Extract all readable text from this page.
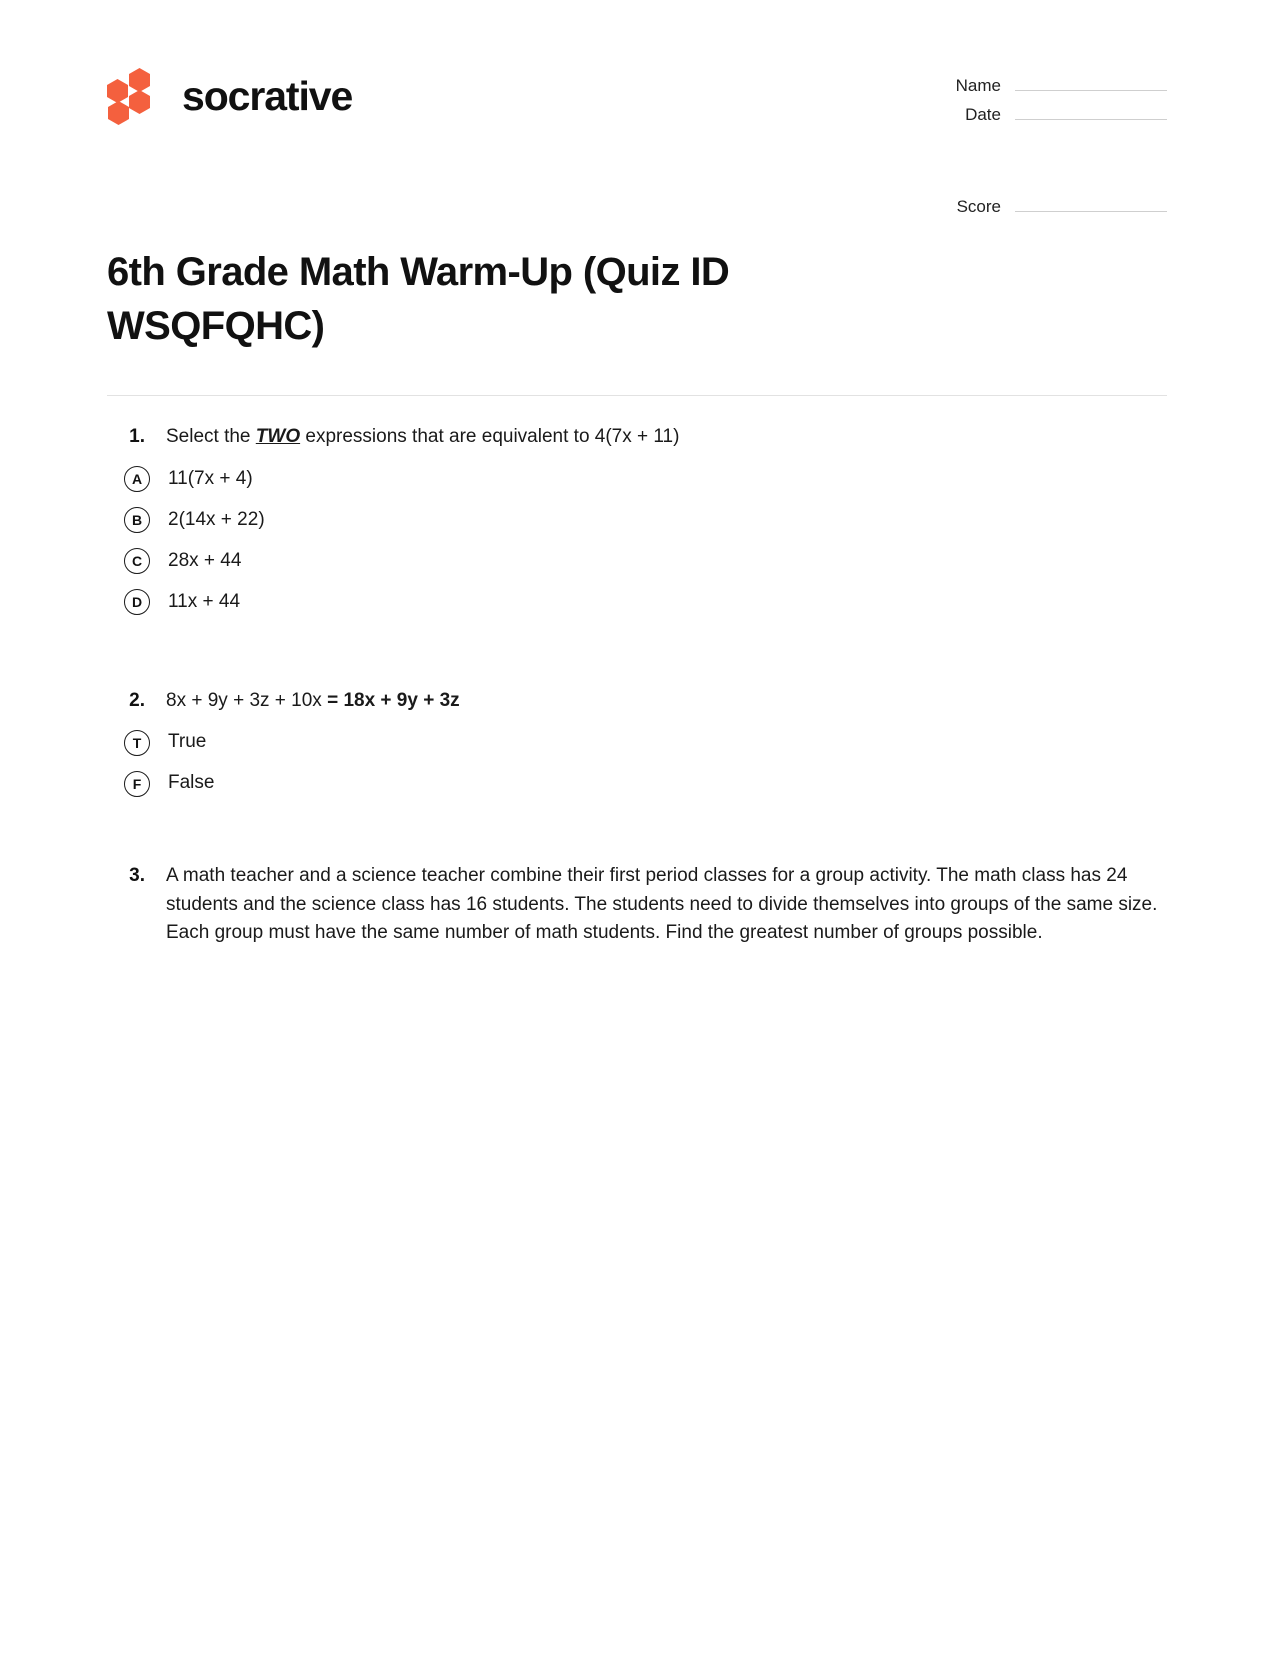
socrative	Name
Date
Score
6th Grade Math Warm-Up (Quiz ID WSQFQHC)
1.	Select the TWO expressions that are equivalent to 4(7x + 11)
A	11(7x + 4)
B	2(14x + 22)
C	28x + 44
D	11x + 44
2.	8x + 9y + 3z + 10x = 18x + 9y + 3z
T	True
F	False
3.	A math teacher and a science teacher combine their first period classes for a group activity. The math class has 24 students and the science class has 16 students. The students need to divide themselves into groups of the same size. Each group must have the same number of math students. Find the greatest number of groups possible.
